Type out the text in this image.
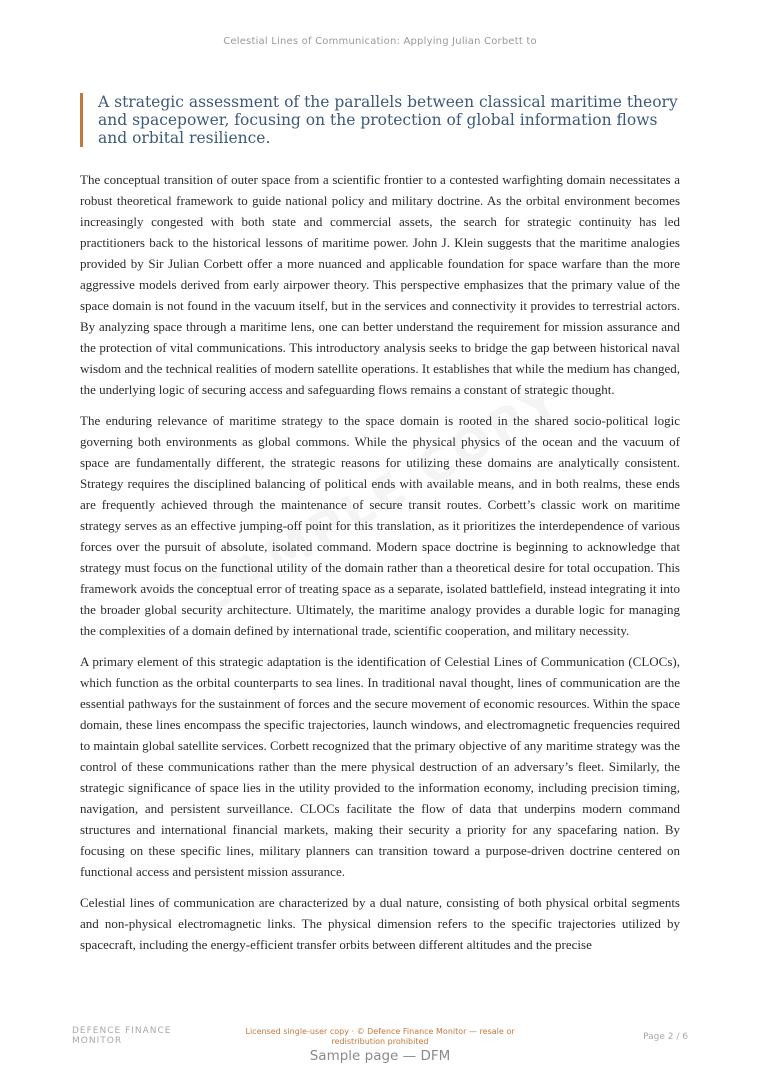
Celestial Lines of Communication: Applying Julian Corbett to
A strategic assessment of the parallels between classical maritime theory and spacepower, focusing on the protection of global information flows and orbital resilience.

The conceptual transition of outer space from a scientific frontier to a contested warfighting domain necessitates a robust theoretical framework to guide national policy and military doctrine. As the orbital environment becomes increasingly congested with both state and commercial assets, the search for strategic continuity has led practitioners back to the historical lessons of maritime power. John J. Klein suggests that the maritime analogies provided by Sir Julian Corbett offer a more nuanced and applicable foundation for space warfare than the more aggressive models derived from early airpower theory. This perspective emphasizes that the primary value of the space domain is not found in the vacuum itself, but in the services and connectivity it provides to terrestrial actors. By analyzing space through a maritime lens, one can better understand the requirement for mission assurance and the protection of vital communications. This introductory analysis seeks to bridge the gap between historical naval wisdom and the technical realities of modern satellite operations. It establishes that while the medium has changed, the underlying logic of securing access and safeguarding flows remains a constant of strategic thought.

The enduring relevance of maritime strategy to the space domain is rooted in the shared socio-political logic governing both environments as global commons. While the physical physics of the ocean and the vacuum of space are fundamentally different, the strategic reasons for utilizing these domains are analytically consistent. Strategy requires the disciplined balancing of political ends with available means, and in both realms, these ends are frequently achieved through the maintenance of secure transit routes. Corbett’s classic work on maritime strategy serves as an effective jumping-off point for this translation, as it prioritizes the interdependence of various forces over the pursuit of absolute, isolated command. Modern space doctrine is beginning to acknowledge that strategy must focus on the functional utility of the domain rather than a theoretical desire for total occupation. This framework avoids the conceptual error of treating space as a separate, isolated battlefield, instead integrating it into the broader global security architecture. Ultimately, the maritime analogy provides a durable logic for managing the complexities of a domain defined by international trade, scientific cooperation, and military necessity.

A primary element of this strategic adaptation is the identification of Celestial Lines of Communication (CLOCs), which function as the orbital counterparts to sea lines. In traditional naval thought, lines of communication are the essential pathways for the sustainment of forces and the secure movement of economic resources. Within the space domain, these lines encompass the specific trajectories, launch windows, and electromagnetic frequencies required to maintain global satellite services. Corbett recognized that the primary objective of any maritime strategy was the control of these communications rather than the mere physical destruction of an adversary’s fleet. Similarly, the strategic significance of space lies in the utility provided to the information economy, including precision timing, navigation, and persistent surveillance. CLOCs facilitate the flow of data that underpins modern command structures and international financial markets, making their security a priority for any spacefaring nation. By focusing on these specific lines, military planners can transition toward a purpose-driven doctrine centered on functional access and persistent mission assurance.

Celestial lines of communication are characterized by a dual nature, consisting of both physical orbital segments and non-physical electromagnetic links. The physical dimension refers to the specific trajectories utilized by spacecraft, including the energy-efficient transfer orbits between different altitudes and the precise

DEFENCE FINANCE MONITOR
Licensed single-user copy · © Defence Finance Monitor — resale or redistribution prohibited	Page 2 / 6
Sample page — DFM
